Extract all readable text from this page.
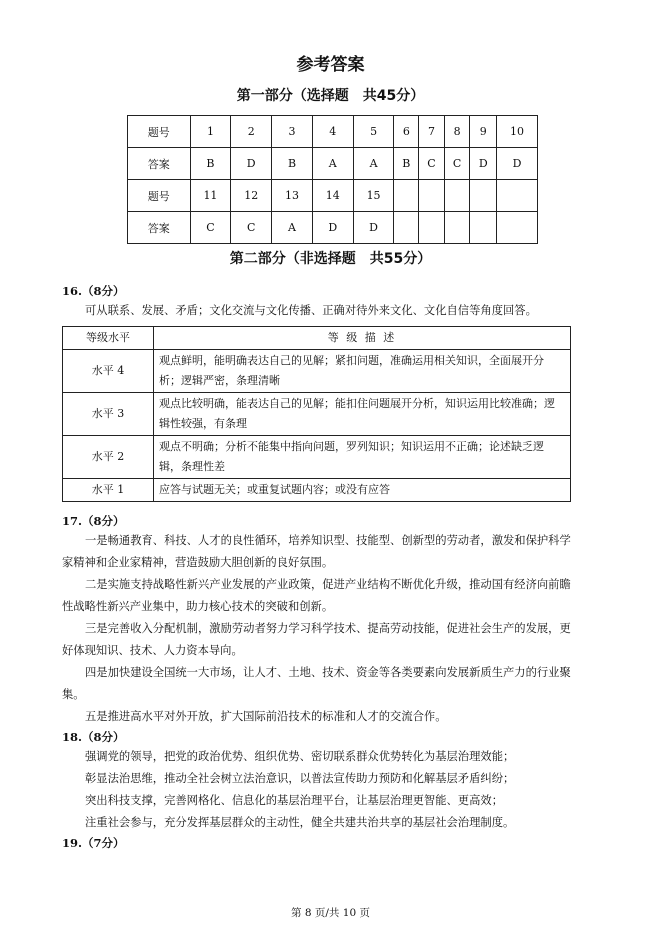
参考答案

第一部分（选择题　共45分）

题号	1	2	3	4	5	6	7	8	9	10
答案	B	D	B	A	A	B	C	C	D	D
题号	11	12	13	14	15					
答案	C	C	A	D	D					

第二部分（非选择题　共55分）

16.（8分）
可从联系、发展、矛盾；文化交流与文化传播、正确对待外来文化、文化自信等角度回答。
等级水平	等 级 描 述
水平 4	观点鲜明，能明确表达自己的见解；紧扣问题，准确运用相关知识，全面展开分析；逻辑严密，条理清晰
水平 3	观点比较明确，能表达自己的见解；能扣住问题展开分析，知识运用比较准确；逻辑性较强，有条理
水平 2	观点不明确；分析不能集中指向问题，罗列知识；知识运用不正确；论述缺乏逻辑，条理性差
水平 1	应答与试题无关；或重复试题内容；或没有应答
17.（8分）
一是畅通教育、科技、人才的良性循环，培养知识型、技能型、创新型的劳动者，激发和保护科学家精神和企业家精神，营造鼓励大胆创新的良好氛围。
二是实施支持战略性新兴产业发展的产业政策，促进产业结构不断优化升级，推动国有经济向前瞻性战略性新兴产业集中，助力核心技术的突破和创新。
三是完善收入分配机制，激励劳动者努力学习科学技术、提高劳动技能，促进社会生产的发展，更好体现知识、技术、人力资本导向。
四是加快建设全国统一大市场，让人才、土地、技术、资金等各类要素向发展新质生产力的行业聚集。
五是推进高水平对外开放，扩大国际前沿技术的标准和人才的交流合作。
18.（8分）
强调党的领导，把党的政治优势、组织优势、密切联系群众优势转化为基层治理效能；
彰显法治思维，推动全社会树立法治意识，以普法宣传助力预防和化解基层矛盾纠纷；
突出科技支撑，完善网格化、信息化的基层治理平台，让基层治理更智能、更高效；
注重社会参与，充分发挥基层群众的主动性，健全共建共治共享的基层社会治理制度。
19.（7分）
第 8 页/共 10 页
